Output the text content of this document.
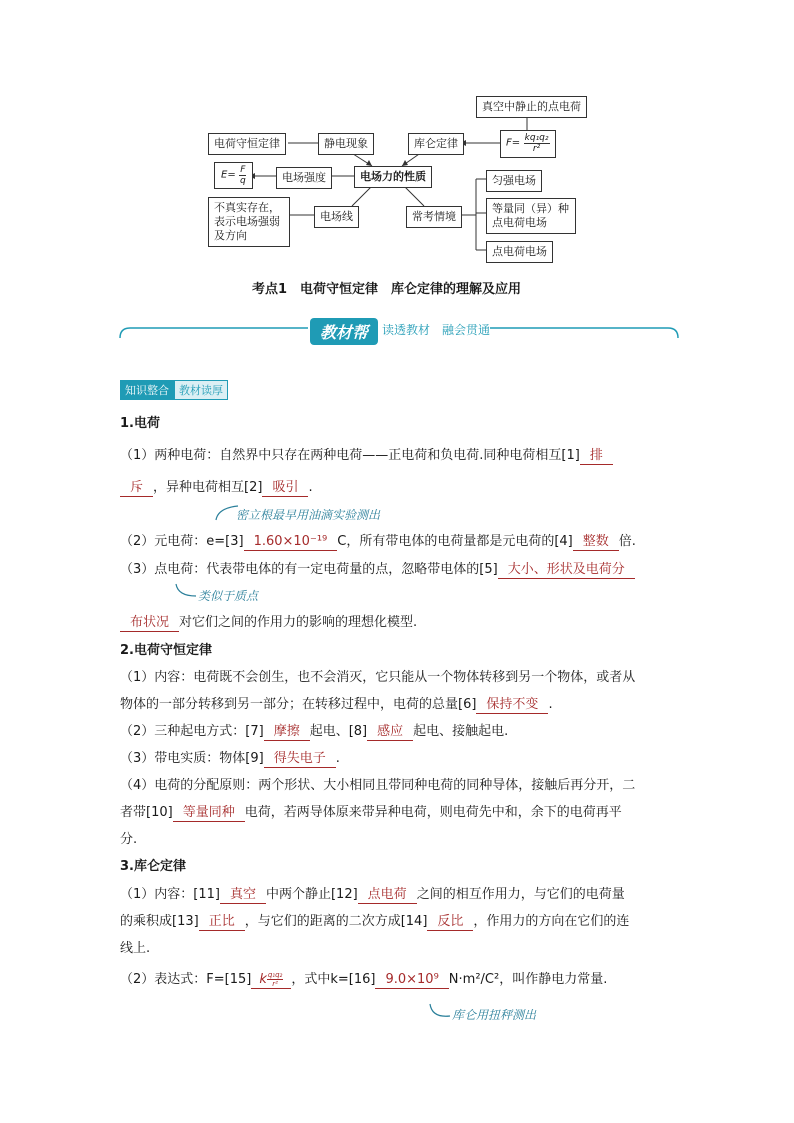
真空中静止的点电荷
电荷守恒定律	静电现象	库仑定律	$F= \frac{\text{kq₁q₂}}{\text{r²}}$
$E= \frac{F}{q}$	电场强度	电场力的性质	匀强电场
不真实存在，表示电场强弱及方向
电场线	常考情境
等量同（异）种点电荷电场
点电荷电场
考点1　电荷守恒定律　库仑定律的理解及应用
教材帮	读透教材　融会贯通
知识整合 教材读厚
1.电荷
（1）两种电荷：自然界中只存在两种电荷——正电荷和负电荷.同种电荷相互[1] 排
斥 ，异种电荷相互[2] 吸引 .
密立根最早用油滴实验测出
（2）元电荷：e=[3] 1.60×10⁻¹⁹ C，所有带电体的电荷量都是元电荷的[4] 整数 倍.
（3）点电荷：代表带电体的有一定电荷量的点，忽略带电体的[5] 大小、形状及电荷分
类似于质点
布状况 对它们之间的作用力的影响的理想化模型.
2.电荷守恒定律
（1）内容：电荷既不会创生，也不会消灭，它只能从一个物体转移到另一个物体，或者从
物体的一部分转移到另一部分；在转移过程中，电荷的总量[6] 保持不变 .
（2）三种起电方式：[7] 摩擦 起电、[8] 感应 起电、接触起电.
（3）带电实质：物体[9] 得失电子 .
（4）电荷的分配原则：两个形状、大小相同且带同种电荷的同种导体，接触后再分开，二
者带[10] 等量同种 电荷，若两导体原来带异种电荷，则电荷先中和，余下的电荷再平
分.
3.库仑定律
（1）内容：[11] 真空 中两个静止[12] 点电荷 之间的相互作用力，与它们的电荷量
的乘积成[13] 正比 ，与它们的距离的二次方成[14] 反比 ，作用力的方向在它们的连
线上.
（2）表达式：F=[15] k $\frac{\text{q₁q₂}}{\text{r²}}$ ，式中k=[16] 9.0×10⁹ N·m²/C²，叫作静电力常量.
库仑用扭秤测出
